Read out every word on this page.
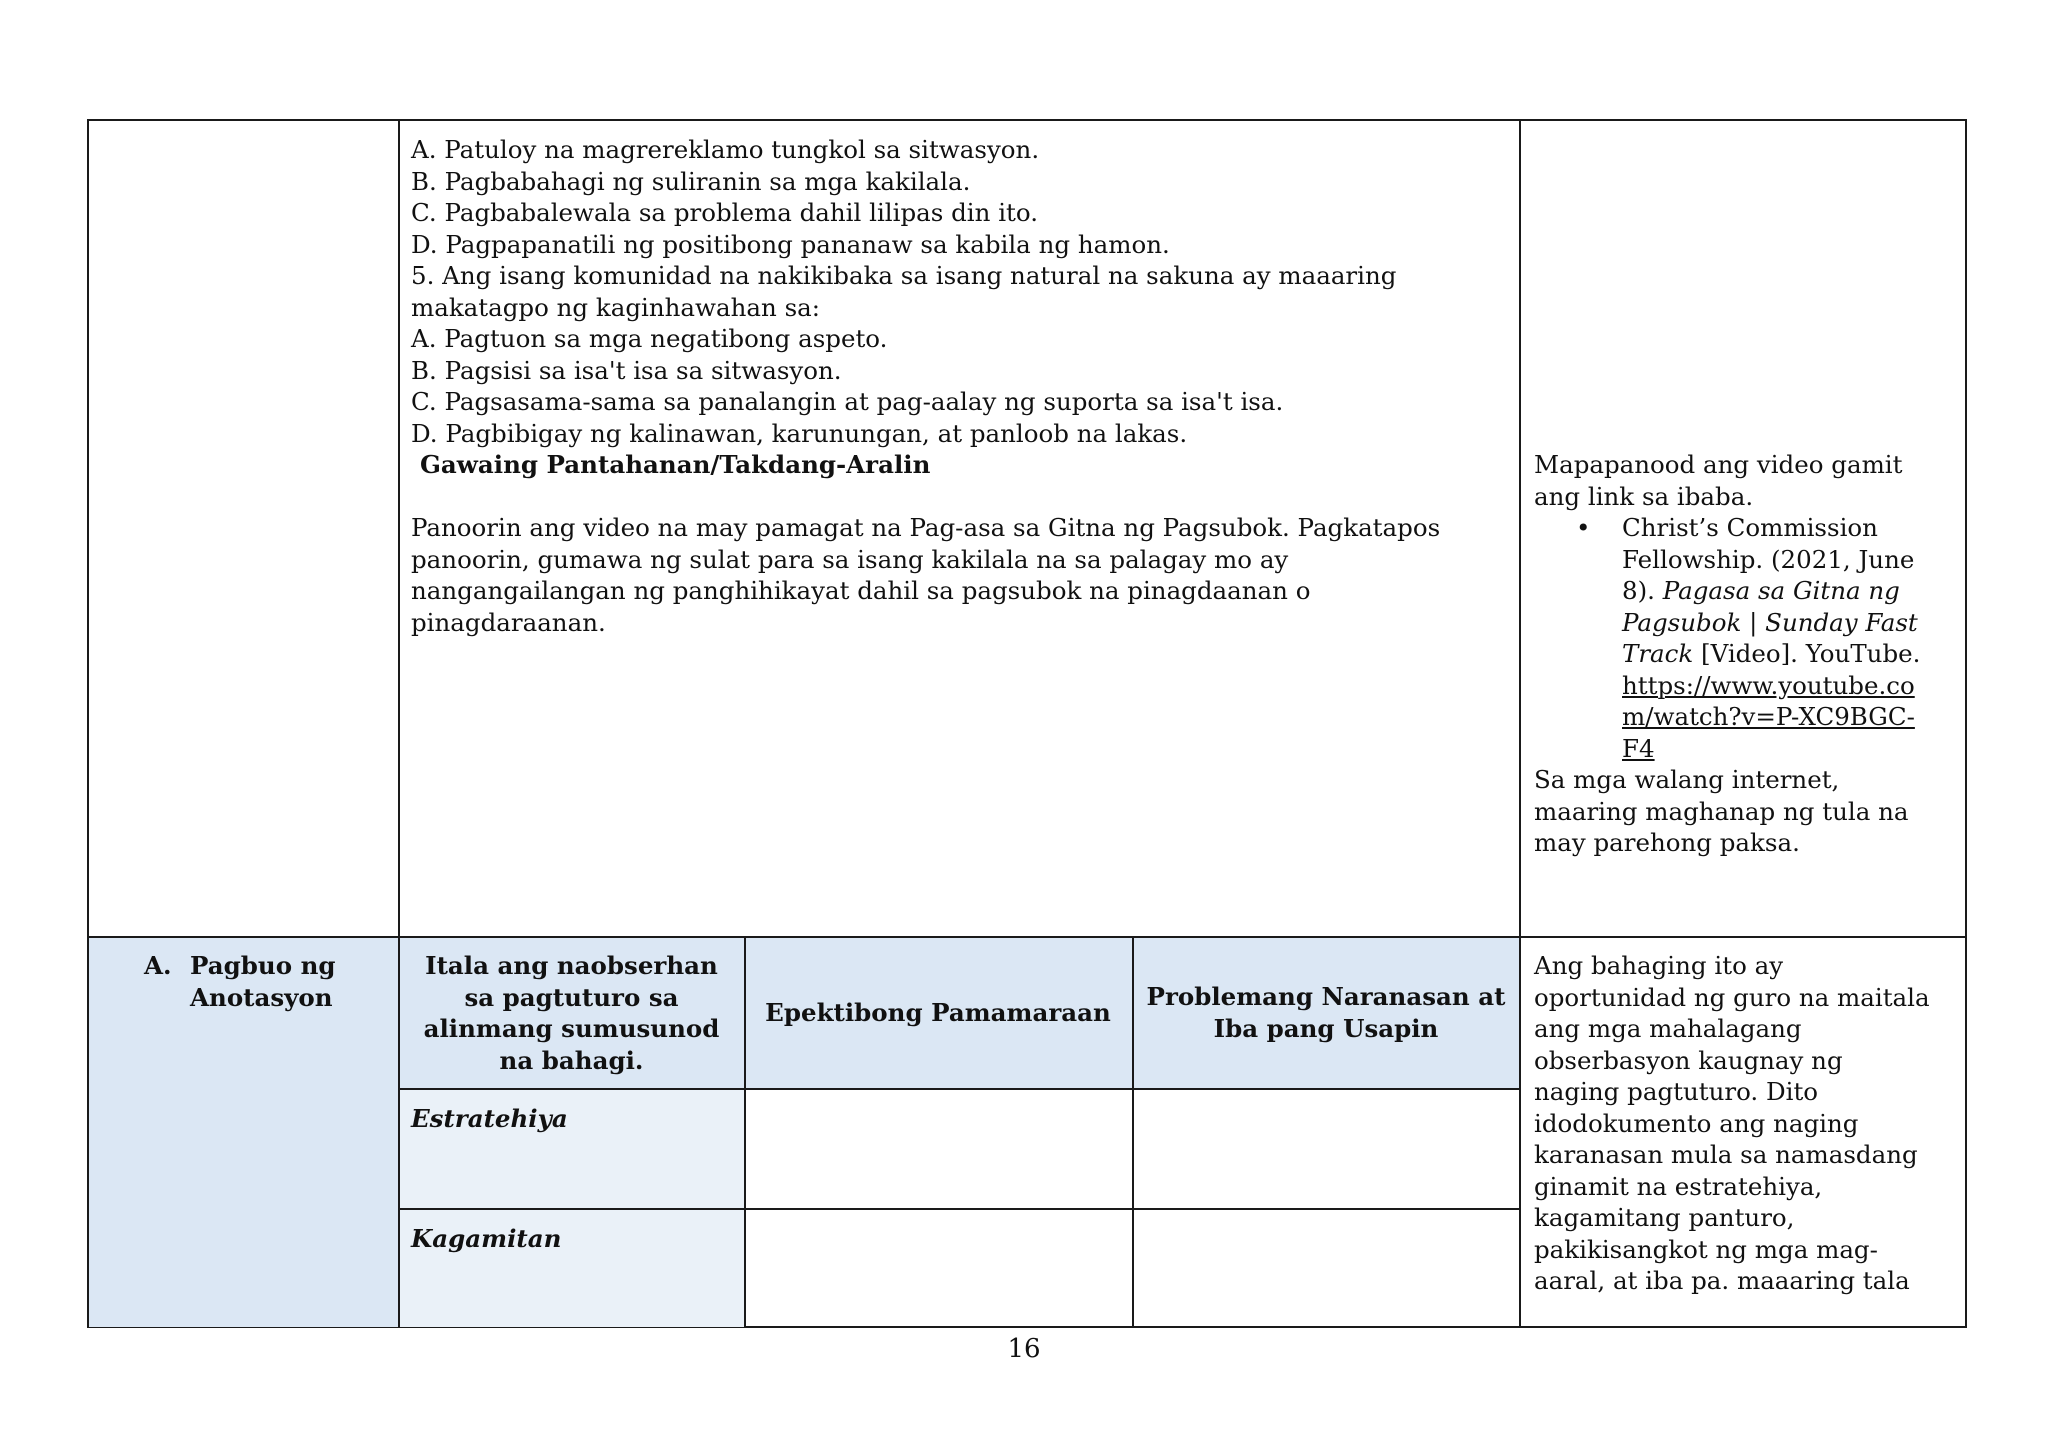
A. Patuloy na magrereklamo tungkol sa sitwasyon.
B. Pagbabahagi ng suliranin sa mga kakilala.
C. Pagbabalewala sa problema dahil lilipas din ito.
D. Pagpapanatili ng positibong pananaw sa kabila ng hamon.
5. Ang isang komunidad na nakikibaka sa isang natural na sakuna ay maaaring
makatagpo ng kaginhawahan sa:
A. Pagtuon sa mga negatibong aspeto.
B. Pagsisi sa isa't isa sa sitwasyon.
C. Pagsasama-sama sa panalangin at pag-aalay ng suporta sa isa't isa.
D. Pagbibigay ng kalinawan, karunungan, at panloob na lakas.
Gawaing Pantahanan/Takdang-Aralin
Panoorin ang video na may pamagat na Pag-asa sa Gitna ng Pagsubok. Pagkatapos
panoorin, gumawa ng sulat para sa isang kakilala na sa palagay mo ay
nangangailangan ng panghihikayat dahil sa pagsubok na pinagdaanan o
pinagdaraanan.
Mapapanood ang video gamit
ang link sa ibaba.
• Christ’s Commission
Fellowship. (2021, June
8). Pagasa sa Gitna ng
Pagsubok | Sunday Fast
Track [Video]. YouTube.
https://www.youtube.co
m/watch?v=P-XC9BGC-
F4
Sa mga walang internet,
maaring maghanap ng tula na
may parehong paksa.
A. Pagbuo ng
Anotasyon
Itala ang naobserhan
sa pagtuturo sa
alinmang sumusunod
na bahagi.
Epektibong Pamamaraan
Problemang Naranasan at
Iba pang Usapin
Estratehiya
Kagamitan
Ang bahaging ito ay
oportunidad ng guro na maitala
ang mga mahalagang
obserbasyon kaugnay ng
naging pagtuturo. Dito
idodokumento ang naging
karanasan mula sa namasdang
ginamit na estratehiya,
kagamitang panturo,
pakikisangkot ng mga mag-
aaral, at iba pa. maaaring tala
16
